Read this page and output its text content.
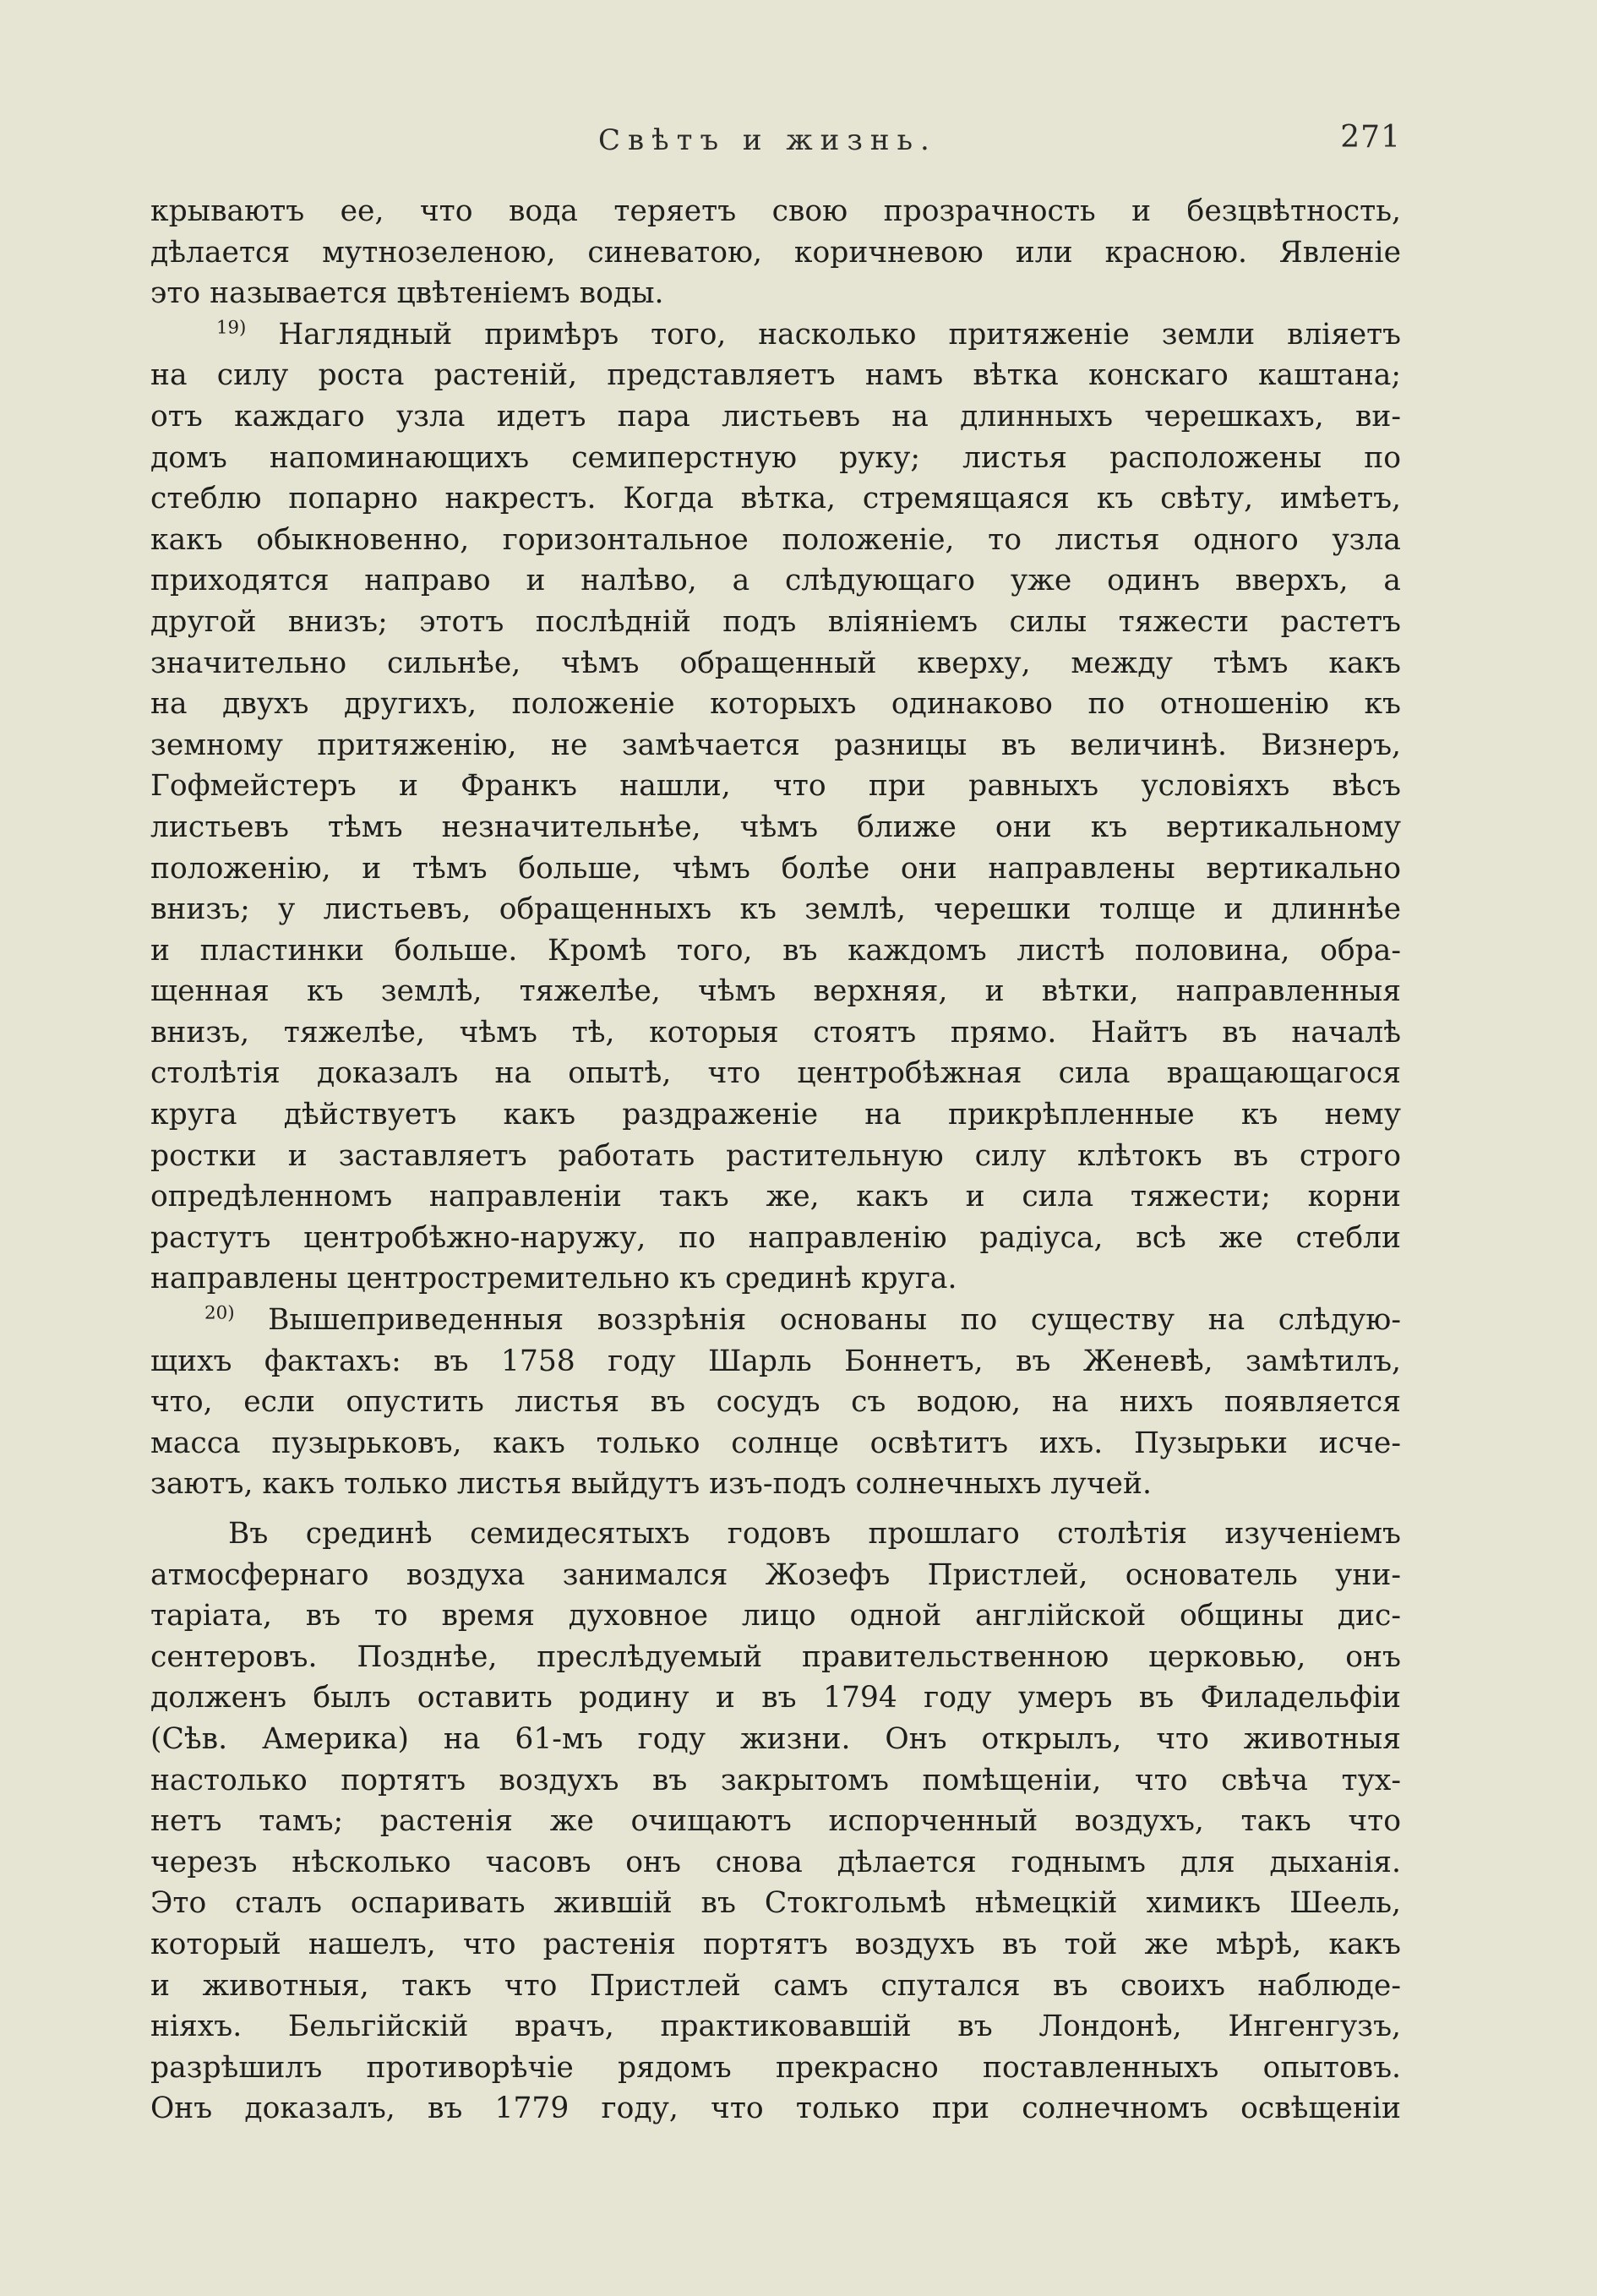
Свѣтъ и жизнь.	271
крываютъ ее, что вода теряетъ свою прозрачность и безцвѣтность,
дѣлается мутнозеленою, синеватою, коричневою или красною. Явленіе
это называется цвѣтеніемъ воды.
$^{19)}$ Наглядный примѣръ того, насколько притяженіе земли вліяетъ
на силу роста растеній, представляетъ намъ вѣтка конскаго каштана;
отъ каждаго узла идетъ пара листьевъ на длинныхъ черешкахъ, ви-
домъ напоминающихъ семиперстную руку; листья расположены по
стеблю попарно накрестъ. Когда вѣтка, стремящаяся къ свѣту, имѣетъ,
какъ обыкновенно, горизонтальное положеніе, то листья одного узла
приходятся направо и налѣво, а слѣдующаго уже одинъ вверхъ, а
другой внизъ; этотъ послѣдній подъ вліяніемъ силы тяжести растетъ
значительно сильнѣе, чѣмъ обращенный кверху, между тѣмъ какъ
на двухъ другихъ, положеніе которыхъ одинаково по отношенію къ
земному притяженію, не замѣчается разницы въ величинѣ. Визнеръ,
Гофмейстеръ и Франкъ нашли, что при равныхъ условіяхъ вѣсъ
листьевъ тѣмъ незначительнѣе, чѣмъ ближе они къ вертикальному
положенію, и тѣмъ больше, чѣмъ болѣе они направлены вертикально
внизъ; у листьевъ, обращенныхъ къ землѣ, черешки толще и длиннѣе
и пластинки больше. Кромѣ того, въ каждомъ листѣ половина, обра-
щенная къ землѣ, тяжелѣе, чѣмъ верхняя, и вѣтки, направленныя
внизъ, тяжелѣе, чѣмъ тѣ, которыя стоятъ прямо. Найтъ въ началѣ
столѣтія доказалъ на опытѣ, что центробѣжная сила вращающагося
круга дѣйствуетъ какъ раздраженіе на прикрѣпленные къ нему
ростки и заставляетъ работать растительную силу клѣтокъ въ строго
опредѣленномъ направленіи такъ же, какъ и сила тяжести; корни
растутъ центробѣжно-наружу, по направленію радіуса, всѣ же стебли
направлены центростремительно къ срединѣ круга.
$^{20)}$ Вышеприведенныя воззрѣнія основаны по существу на слѣдую-
щихъ фактахъ: въ 1758 году Шарль Боннетъ, въ Женевѣ, замѣтилъ,
что, если опустить листья въ сосудъ съ водою, на нихъ появляется
масса пузырьковъ, какъ только солнце освѣтитъ ихъ. Пузырьки исче-
заютъ, какъ только листья выйдутъ изъ-подъ солнечныхъ лучей.
Въ срединѣ семидесятыхъ годовъ прошлаго столѣтія изученіемъ
атмосфернаго воздуха занимался Жозефъ Пристлей, основатель уни-
таріата, въ то время духовное лицо одной англійской общины дис-
сентеровъ. Позднѣе, преслѣдуемый правительственною церковью, онъ
долженъ былъ оставить родину и въ 1794 году умеръ въ Филадельфіи
(Сѣв. Америка) на 61-мъ году жизни. Онъ открылъ, что животныя
настолько портятъ воздухъ въ закрытомъ помѣщеніи, что свѣча тух-
нетъ тамъ; растенія же очищаютъ испорченный воздухъ, такъ что
черезъ нѣсколько часовъ онъ снова дѣлается годнымъ для дыханія.
Это сталъ оспаривать жившій въ Стокгольмѣ нѣмецкій химикъ Шеель,
который нашелъ, что растенія портятъ воздухъ въ той же мѣрѣ, какъ
и животныя, такъ что Пристлей самъ спутался въ своихъ наблюде-
ніяхъ. Бельгійскій врачъ, практиковавшій въ Лондонѣ, Ингенгузъ,
разрѣшилъ противорѣчіе рядомъ прекрасно поставленныхъ опытовъ.
Онъ доказалъ, въ 1779 году, что только при солнечномъ освѣщеніи
